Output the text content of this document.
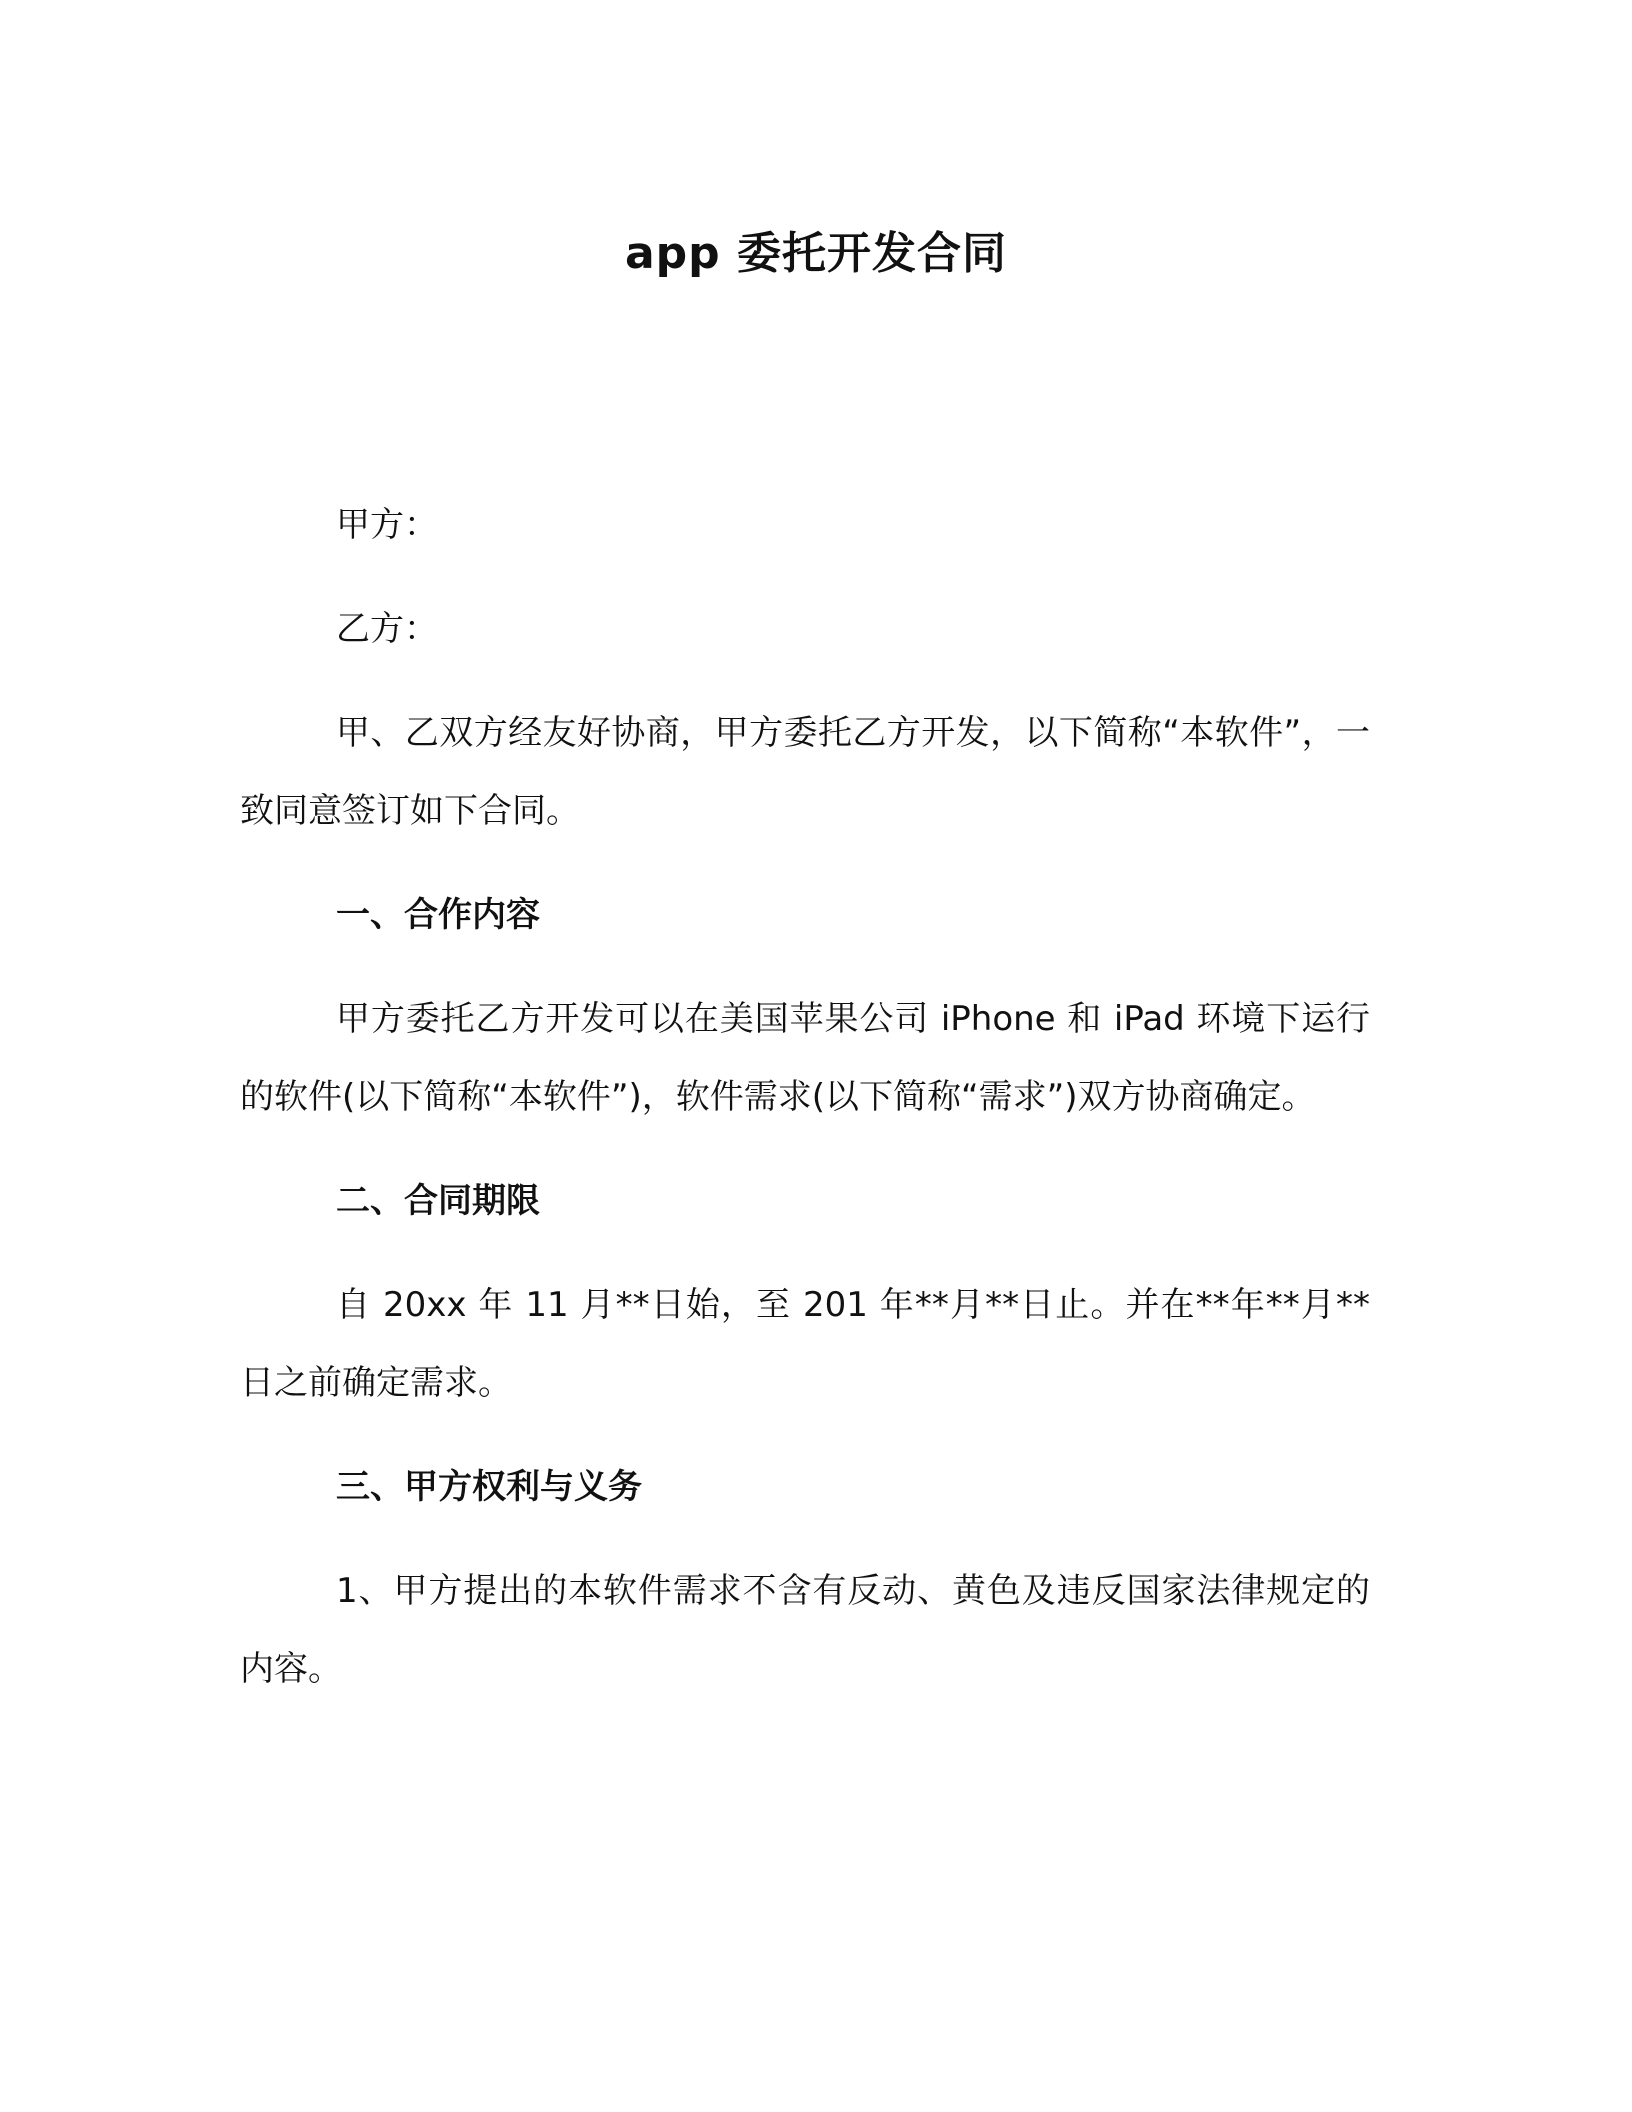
app 委托开发合同

甲方：

乙方：

甲、乙双方经友好协商，甲方委托乙方开发，以下简称“本软件”，一致同意签订如下合同。

一、合作内容

甲方委托乙方开发可以在美国苹果公司 iPhone 和 iPad 环境下运行的软件(以下简称“本软件”)，软件需求(以下简称“需求”)双方协商确定。

二、合同期限

自 20xx 年 11 月**日始，至 201 年**月**日止。并在**年**月**日之前确定需求。

三、甲方权利与义务

1、甲方提出的本软件需求不含有反动、黄色及违反国家法律规定的内容。
